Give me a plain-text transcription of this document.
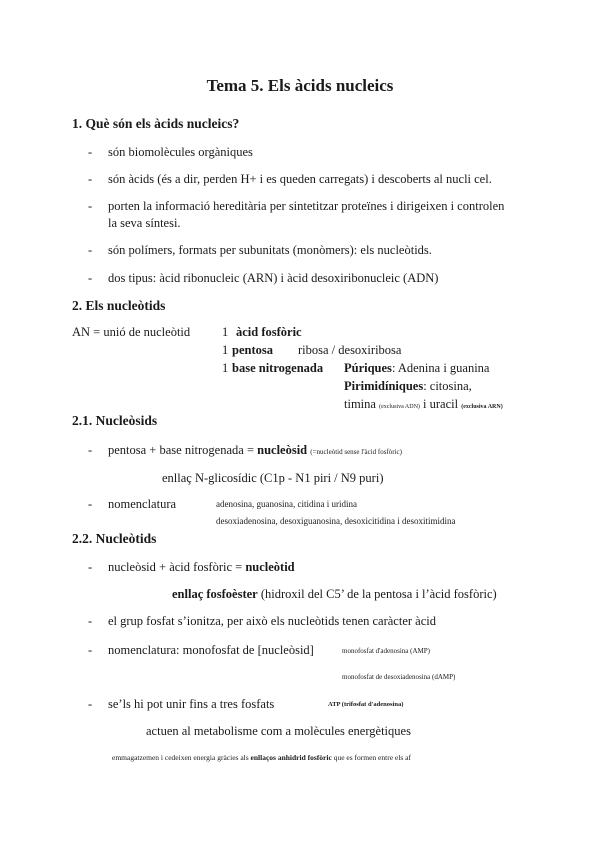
Tema 5. Els àcids nucleics
1. Què són els àcids nucleics?
- són biomolècules orgàniques
- són àcids (és a dir, perden H+ i es queden carregats) i descoberts al nucli cel.
- porten la informació hereditària per sintetitzar proteïnes i dirigeixen i controlen
la seva síntesi.
- són polímers, formats per subunitats (monòmers): els nucleòtids.
- dos tipus: àcid ribonucleic (ARN) i àcid desoxiribonucleic (ADN)
2. Els nucleòtids
AN = unió de nucleòtid	1 àcid fosfòric
1 pentosa ribosa / desoxiribosa
1 base nitrogenada Púriques: Adenina i guanina
Pirimidíniques: citosina,
timina (exclusiva ADN) i uracil (exclusiva ARN)
2.1. Nucleòsids
- pentosa + base nitrogenada = nucleòsid (=nucleòtid sense l'àcid fosfòric)
enllaç N-glicosídic (C1p - N1 piri / N9 puri)
- nomenclatura	adenosina, guanosina, citidina i uridina
desoxiadenosina, desoxiguanosina, desoxicitidina i desoxitimidina
2.2. Nucleòtids
- nucleòsid + àcid fosfòric = nucleòtid
enllaç fosfoèster (hidroxil del C5’ de la pentosa i l’àcid fosfòric)
- el grup fosfat s’ionitza, per això els nucleòtids tenen caràcter àcid
- nomenclatura: monofosfat de [nucleòsid]	monofosfat d'adenosina (AMP)
monofosfat de desoxiadenosina (dAMP)
- se’ls hi pot unir fins a tres fosfats	ATP (trifosfat d'adenosina)
actuen al metabolisme com a molècules energètiques
emmagatzemen i cedeixen energia gràcies als enllaços anhidrid fosfòric que es formen entre els af
